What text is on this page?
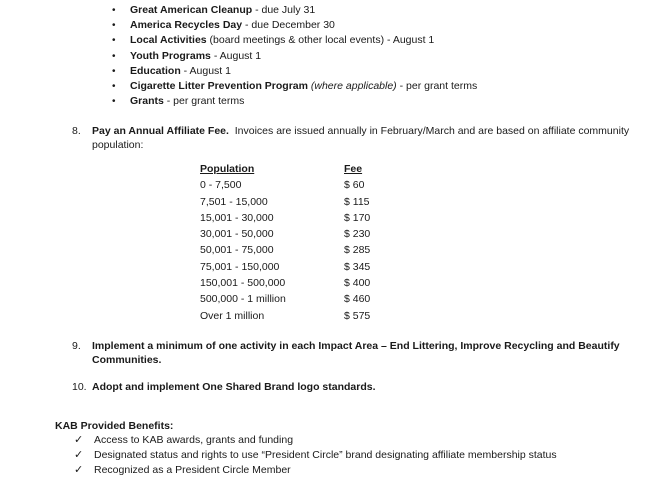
•	Great American Cleanup - due July 31
•	America Recycles Day - due December 30
•	Local Activities (board meetings & other local events) - August 1
•	Youth Programs - August 1
•	Education - August 1
•	Cigarette Litter Prevention Program (where applicable) - per grant terms
•	Grants - per grant terms
8.	Pay an Annual Affiliate Fee.  Invoices are issued annually in February/March and are based on affiliate community population:
Population	Fee
0 - 7,500	$ 60
7,501 - 15,000	$ 115
15,001 - 30,000	$ 170
30,001 - 50,000	$ 230
50,001 - 75,000	$ 285
75,001 - 150,000	$ 345
150,001 - 500,000	$ 400
500,000 - 1 million	$ 460
Over 1 million	$ 575
9.	Implement a minimum of one activity in each Impact Area – End Littering, Improve Recycling and Beautify Communities.
10. Adopt and implement One Shared Brand logo standards.
KAB Provided Benefits:
✓	Access to KAB awards, grants and funding
✓	Designated status and rights to use “President Circle” brand designating affiliate membership status
✓	Recognized as a President Circle Member
